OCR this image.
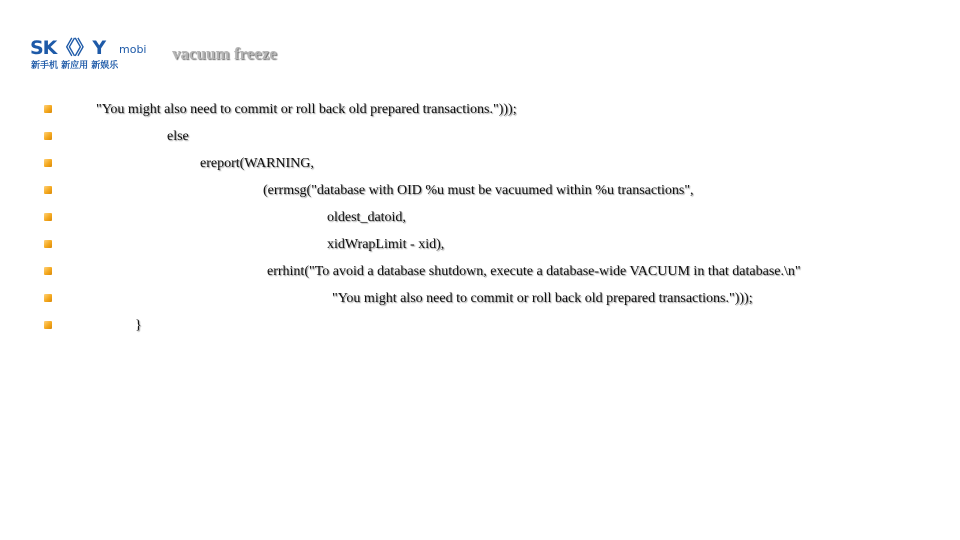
SK《》Y mobi
新手机 新应用 新娱乐
vacuum freeze
"You might also need to commit or roll back old prepared transactions.")));
else
ereport(WARNING,
(errmsg("database with OID %u must be vacuumed within %u transactions",
oldest_datoid,
xidWrapLimit - xid),
errhint("To avoid a database shutdown, execute a database-wide VACUUM in that database.\n"
"You might also need to commit or roll back old prepared transactions.")));
}
